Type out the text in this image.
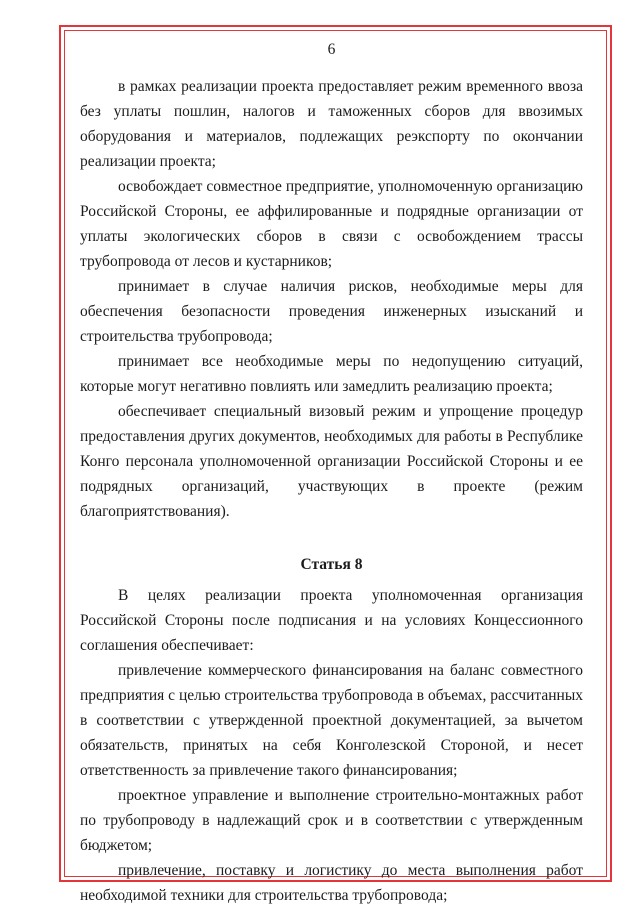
6

в рамках реализации проекта предоставляет режим временного ввоза без уплаты пошлин, налогов и таможенных сборов для ввозимых оборудования и материалов, подлежащих реэкспорту по окончании реализации проекта;

освобождает совместное предприятие, уполномоченную организацию Российской Стороны, ее аффилированные и подрядные организации от уплаты экологических сборов в связи с освобождением трассы трубопровода от лесов и кустарников;

принимает в случае наличия рисков, необходимые меры для обеспечения безопасности проведения инженерных изысканий и строительства трубопровода;

принимает все необходимые меры по недопущению ситуаций, которые могут негативно повлиять или замедлить реализацию проекта;

обеспечивает специальный визовый режим и упрощение процедур предоставления других документов, необходимых для работы в Республике Конго персонала уполномоченной организации Российской Стороны и ее подрядных организаций, участвующих в проекте (режим благоприятствования).

Статья 8

В целях реализации проекта уполномоченная организация Российской Стороны после подписания и на условиях Концессионного соглашения обеспечивает:

привлечение коммерческого финансирования на баланс совместного предприятия с целью строительства трубопровода в объемах, рассчитанных в соответствии с утвержденной проектной документацией, за вычетом обязательств, принятых на себя Конголезской Стороной, и несет ответственность за привлечение такого финансирования;

проектное управление и выполнение строительно-монтажных работ по трубопроводу в надлежащий срок и в соответствии с утвержденным бюджетом;

привлечение, поставку и логистику до места выполнения работ необходимой техники для строительства трубопровода;
